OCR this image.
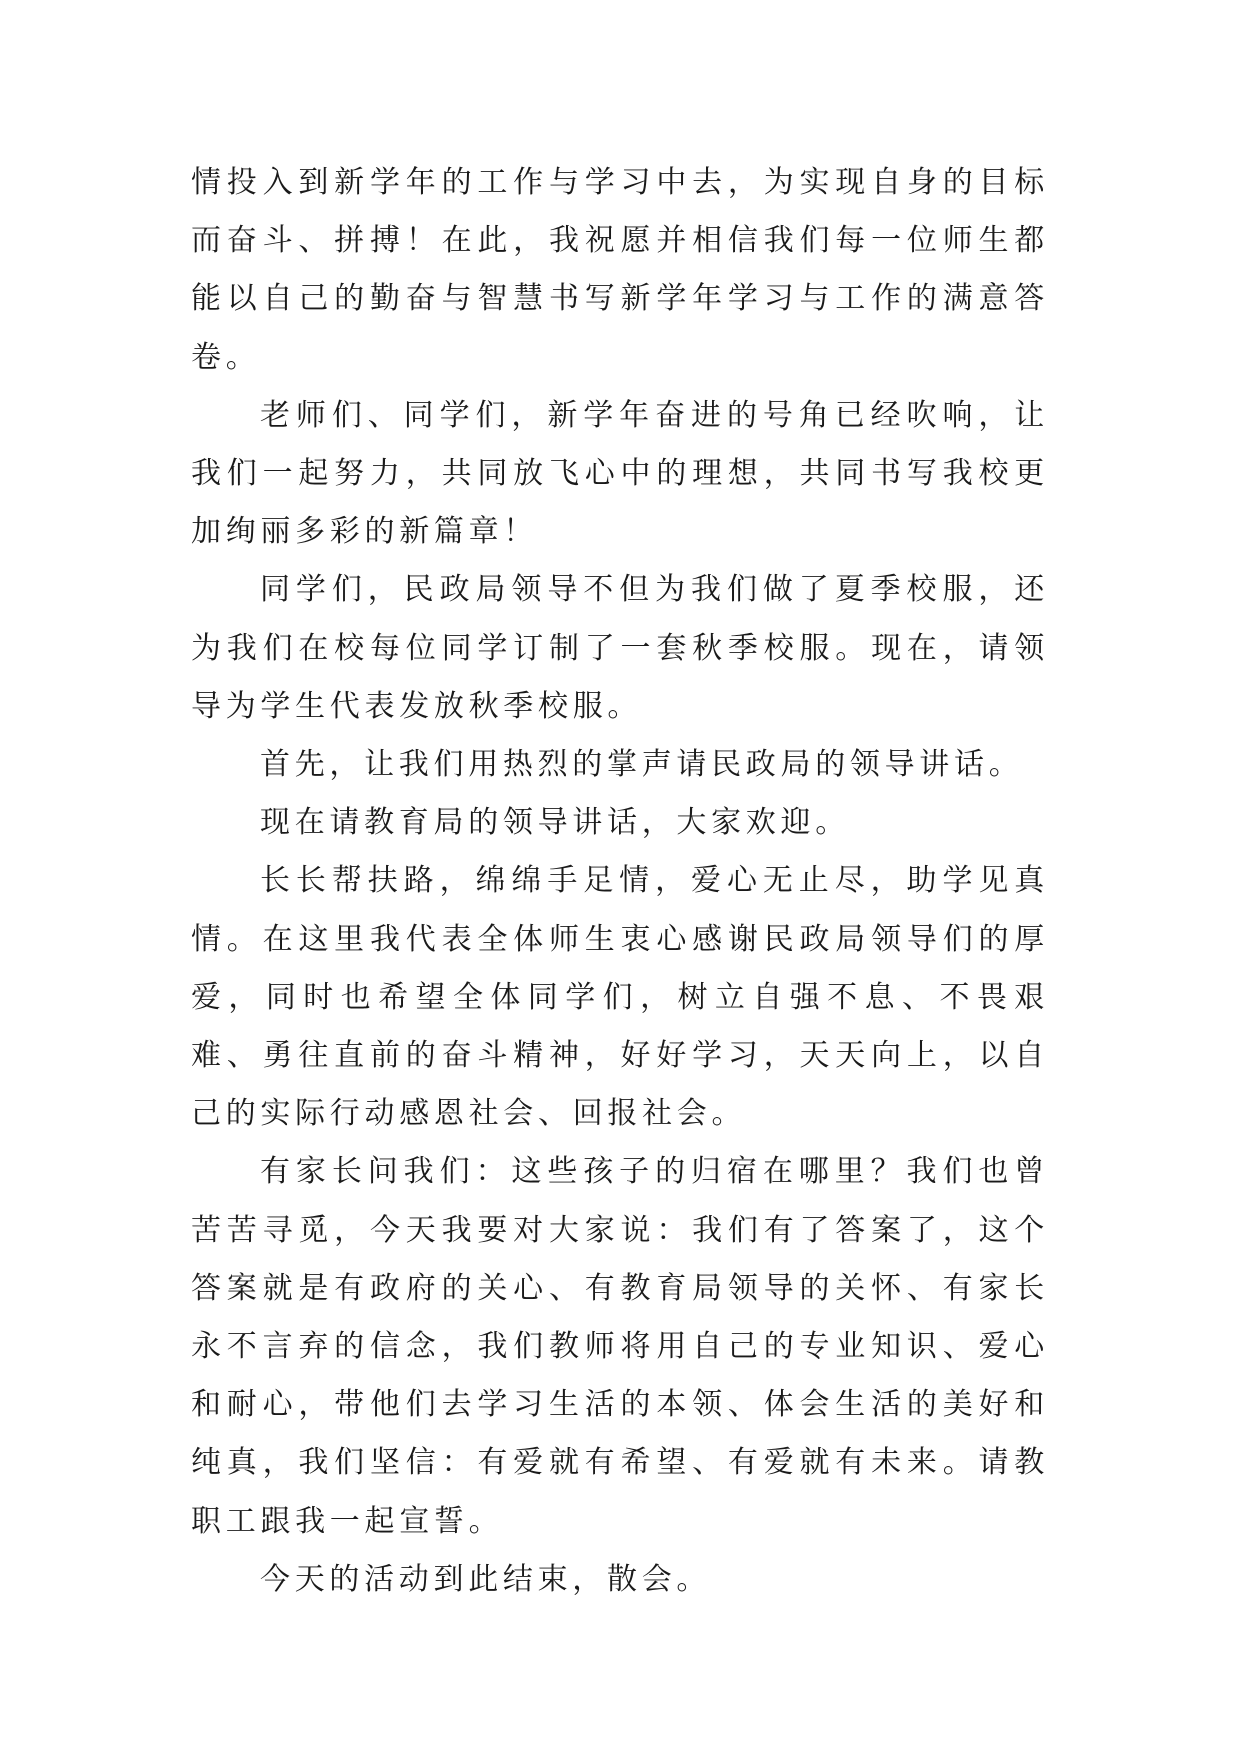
情投入到新学年的工作与学习中去，为实现自身的目标而奋斗、拼搏！在此，我祝愿并相信我们每一位师生都能以自己的勤奋与智慧书写新学年学习与工作的满意答卷。

老师们、同学们，新学年奋进的号角已经吹响，让我们一起努力，共同放飞心中的理想，共同书写我校更加绚丽多彩的新篇章！

同学们，民政局领导不但为我们做了夏季校服，还为我们在校每位同学订制了一套秋季校服。现在，请领导为学生代表发放秋季校服。

首先，让我们用热烈的掌声请民政局的领导讲话。

现在请教育局的领导讲话，大家欢迎。

长长帮扶路，绵绵手足情，爱心无止尽，助学见真情。在这里我代表全体师生衷心感谢民政局领导们的厚爱，同时也希望全体同学们，树立自强不息、不畏艰难、勇往直前的奋斗精神，好好学习，天天向上，以自己的实际行动感恩社会、回报社会。

有家长问我们：这些孩子的归宿在哪里？我们也曾苦苦寻觅，今天我要对大家说：我们有了答案了，这个答案就是有政府的关心、有教育局领导的关怀、有家长永不言弃的信念，我们教师将用自己的专业知识、爱心和耐心，带他们去学习生活的本领、体会生活的美好和纯真，我们坚信：有爱就有希望、有爱就有未来。请教职工跟我一起宣誓。

今天的活动到此结束，散会。
